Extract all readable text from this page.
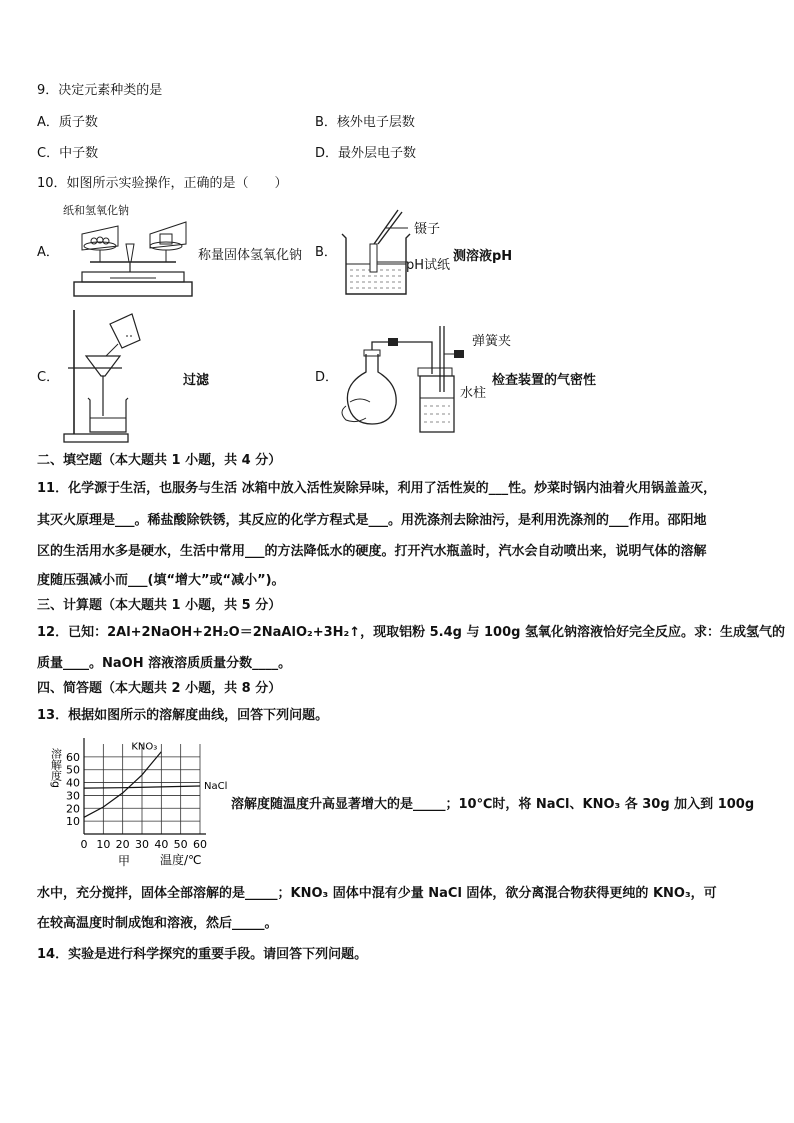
9．决定元素种类的是
A．质子数	B．核外电子层数
C．中子数	D．最外层电子数
10．如图所示实验操作，正确的是（　　）
纸和氢氧化钠
A．	称量固体氢氧化钠 B．
镊子
pH试纸
测溶液pH
C．	过滤	D．
弹簧夹
水柱
检查装置的气密性
二、填空题（本大题共 1 小题，共 4 分）
11．化学源于生活，也服务与生活 冰箱中放入活性炭除异味，利用了活性炭的___性。炒菜时锅内油着火用锅盖盖灭，
其灭火原理是___。稀盐酸除铁锈，其反应的化学方程式是___。用洗涤剂去除油污，是利用洗涤剂的___作用。邵阳地
区的生活用水多是硬水，生活中常用___的方法降低水的硬度。打开汽水瓶盖时，汽水会自动喷出来，说明气体的溶解
度随压强减小而___(填“增大”或“减小”)。
三、计算题（本大题共 1 小题，共 5 分）
12．已知：2Al+2NaOH+2H₂O＝2NaAlO₂+3H₂↑，现取铝粉 5.4g 与 100g 氢氧化钠溶液恰好完全反应。求：生成氢气的
质量____。NaOH 溶液溶质质量分数____。
四、简答题（本大题共 2 小题，共 8 分）
13．根据如图所示的溶解度曲线，回答下列问题。
溶解度g
10
20
30
40
50
60
0 10 20 30 40 50 60
KNO₃
NaCl
温度/℃
甲
溶解度随温度升高显著增大的是_____；10℃时，将 NaCl、KNO₃ 各 30g 加入到 100g
水中，充分搅拌，固体全部溶解的是_____；KNO₃ 固体中混有少量 NaCl 固体，欲分离混合物获得更纯的 KNO₃，可
在较高温度时制成饱和溶液，然后_____。
14．实验是进行科学探究的重要手段。请回答下列问题。
